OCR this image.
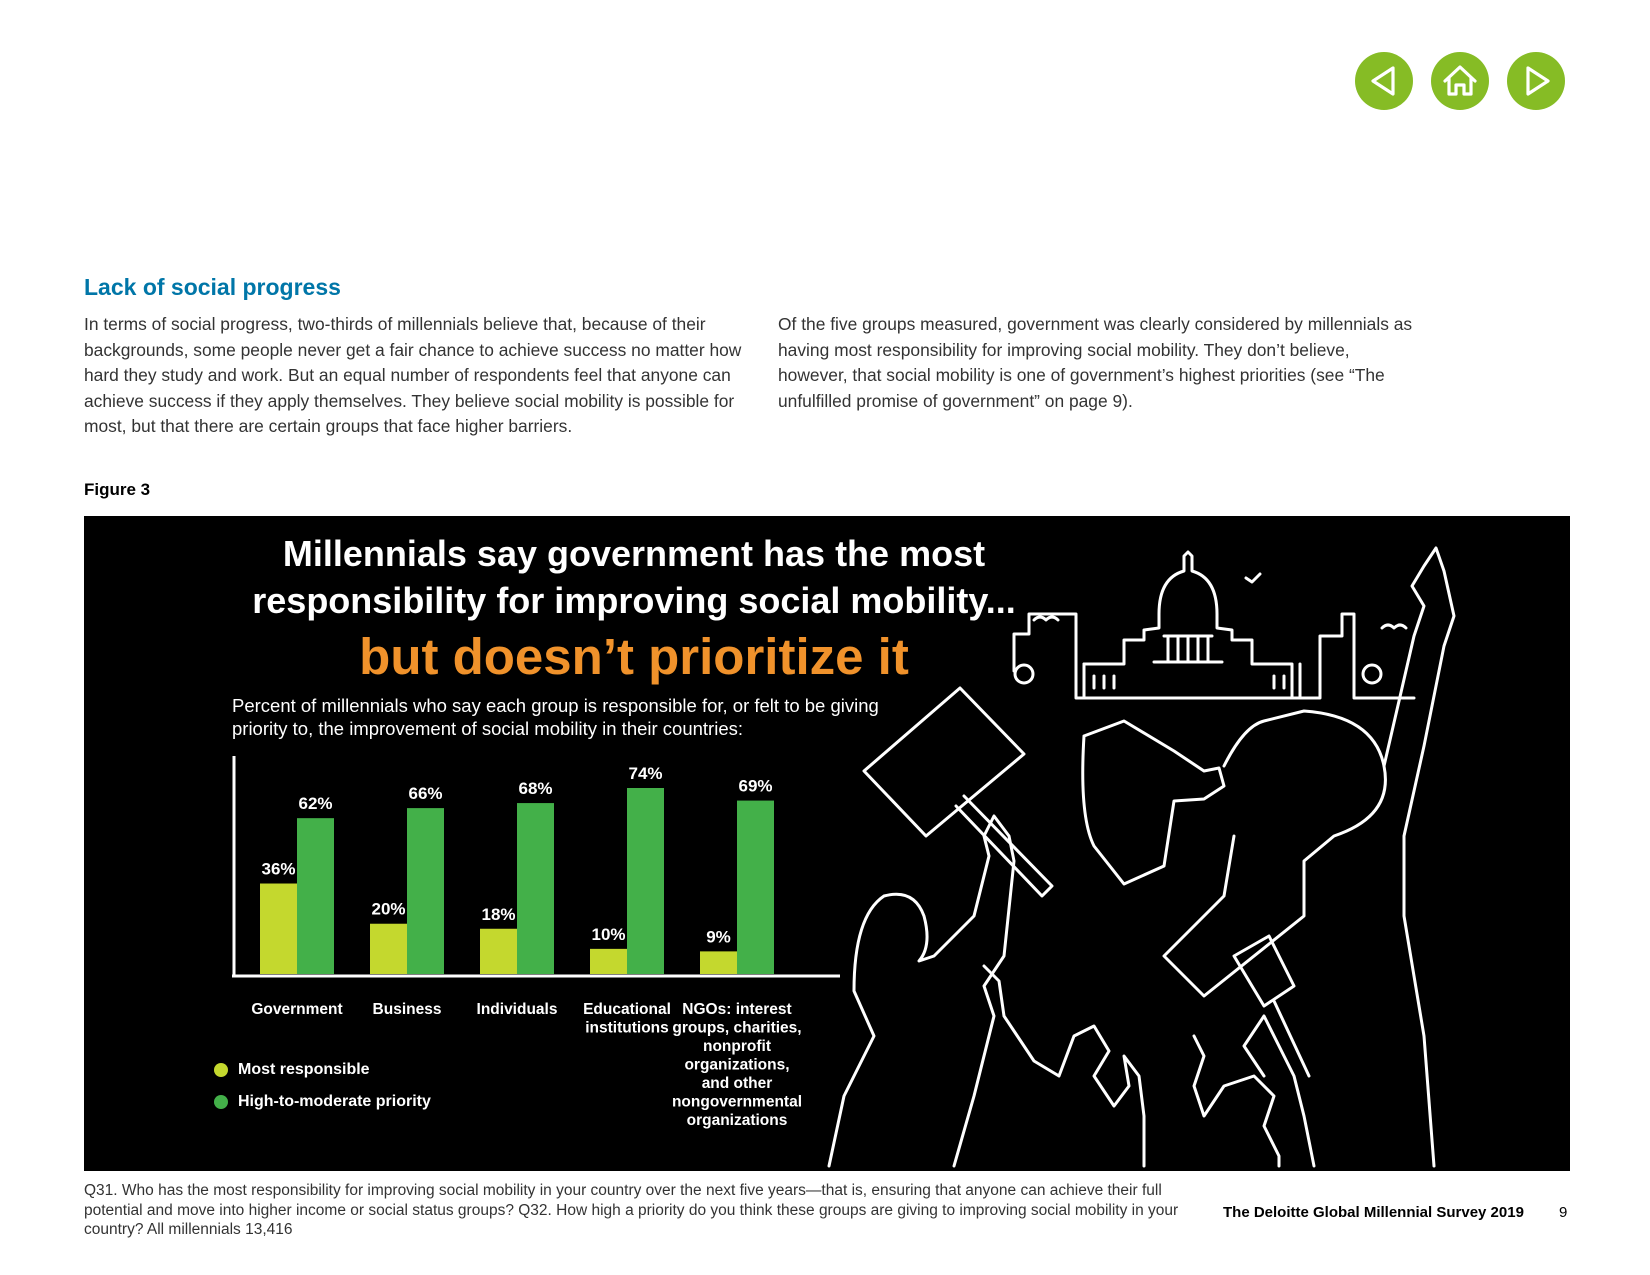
Lack of social progress

In terms of social progress, two-thirds of millennials believe that, because of their backgrounds, some people never get a fair chance to achieve success no matter how hard they study and work. But an equal number of respondents feel that anyone can achieve success if they apply themselves. They believe social mobility is possible for most, but that there are certain groups that face higher barriers.

Of the five groups measured, government was clearly considered by millennials as having most responsibility for improving social mobility. They don’t believe, however, that social mobility is one of government’s highest priorities (see “The unfulfilled promise of government” on page 9).

Figure 3
Millennials say government has the most
responsibility for improving social mobility...
but doesn’t prioritize it

Percent of millennials who say each group is responsible for, or felt to be giving priority to, the improvement of social mobility in their countries:

36%
62%
Government
20%
66%
Business
18%
68%
Individuals
10%
74%
Educational
institutions
9%
69%
NGOs: interest
groups, charities,
nonprofit
organizations,
and other
nongovernmental
organizations
Most responsible
High-to-moderate priority

Q31. Who has the most responsibility for improving social mobility in your country over the next five years—that is, ensuring that anyone can achieve their full potential and move into higher income or social status groups? Q32. How high a priority do you think these groups are giving to improving social mobility in your country? All millennials 13,416

The Deloitte Global Millennial Survey 2019 9
